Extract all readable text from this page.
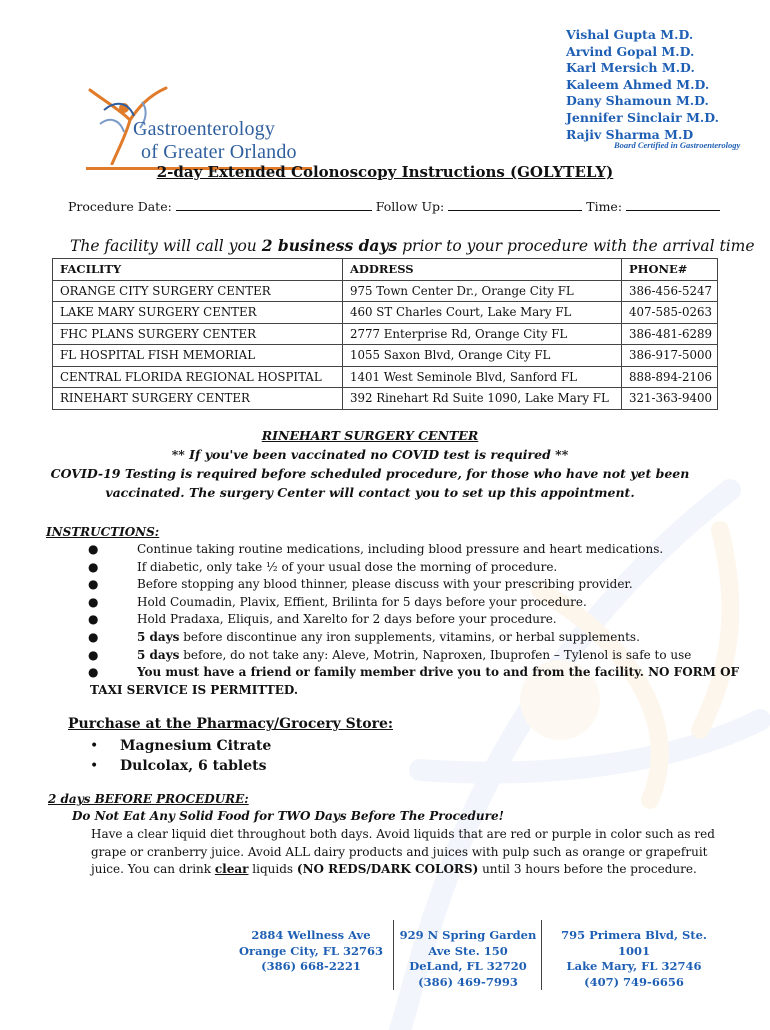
Vishal Gupta M.D.
Arvind Gopal M.D.
Karl Mersich M.D.
Kaleem Ahmed M.D.
Dany Shamoun M.D.
Jennifer Sinclair M.D.
Rajiv Sharma M.D
Board Certified in Gastroenterology
Gastroenterology
of Greater Orlando
2-day Extended Colonoscopy Instructions (GOLYTELY)
Procedure Date:	Follow Up:	Time:
The facility will call you 2 business days prior to your procedure with the arrival time
FACILITY	ADDRESS	PHONE#
ORANGE CITY SURGERY CENTER	975 Town Center Dr., Orange City FL	386-456-5247
LAKE MARY SURGERY CENTER	460 ST Charles Court, Lake Mary FL	407-585-0263
FHC PLANS SURGERY CENTER	2777 Enterprise Rd, Orange City FL	386-481-6289
FL HOSPITAL FISH MEMORIAL	1055 Saxon Blvd, Orange City FL	386-917-5000
CENTRAL FLORIDA REGIONAL HOSPITAL	1401 West Seminole Blvd, Sanford FL	888-894-2106
RINEHART SURGERY CENTER	392 Rinehart Rd Suite 1090, Lake Mary FL	321-363-9400
RINEHART SURGERY CENTER
** If you've been vaccinated no COVID test is required **
COVID-19 Testing is required before scheduled procedure, for those who have not yet been
vaccinated. The surgery Center will contact you to set up this appointment.
INSTRUCTIONS:
●	Continue taking routine medications, including blood pressure and heart medications.
●	If diabetic, only take ½ of your usual dose the morning of procedure.
●	Before stopping any blood thinner, please discuss with your prescribing provider.
●	Hold Coumadin, Plavix, Effient, Brilinta for 5 days before your procedure.
●	Hold Pradaxa, Eliquis, and Xarelto for 2 days before your procedure.
●	5 days before discontinue any iron supplements, vitamins, or herbal supplements.
●	5 days before, do not take any: Aleve, Motrin, Naproxen, Ibuprofen – Tylenol is safe to use
●	You must have a friend or family member drive you to and from the facility. NO FORM OF
TAXI SERVICE IS PERMITTED.
Purchase at the Pharmacy/Grocery Store:
• Magnesium Citrate
• Dulcolax, 6 tablets
2 days BEFORE PROCEDURE:
Do Not Eat Any Solid Food for TWO Days Before The Procedure!
Have a clear liquid diet throughout both days. Avoid liquids that are red or purple in color such as red grape or cranberry juice. Avoid ALL dairy products and juices with pulp such as orange or grapefruit juice. You can drink clear liquids (NO REDS/DARK COLORS) until 3 hours before the procedure.
2884 Wellness Ave
Orange City, FL 32763
(386) 668-2221
929 N Spring Garden
Ave Ste. 150
DeLand, FL 32720
(386) 469-7993
795 Primera Blvd, Ste. 1001
Lake Mary, FL 32746
(407) 749-6656
